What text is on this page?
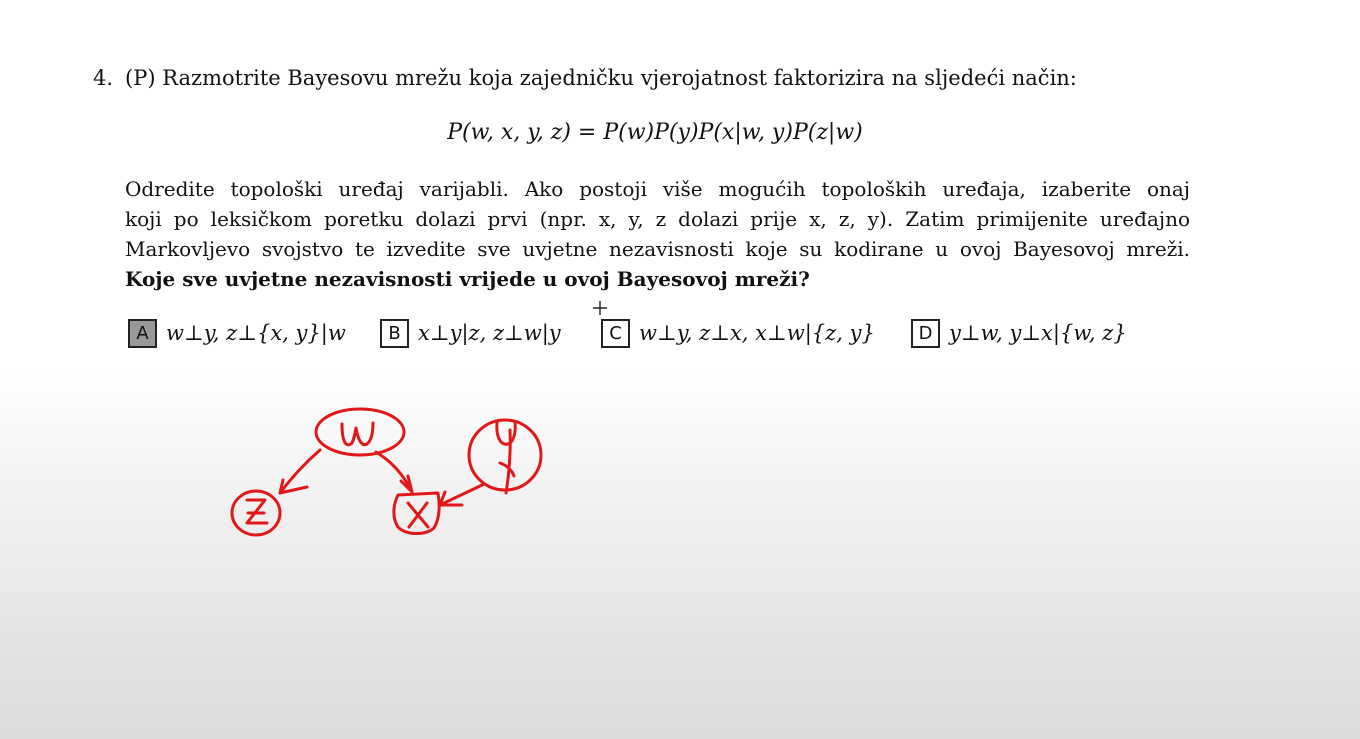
4. (P) Razmotrite Bayesovu mrežu koja zajedničku vjerojatnost faktorizira na sljedeći način:
P(w, x, y, z) = P(w)P(y)P(x|w, y)P(z|w)
Odredite topološki uređaj varijabli. Ako postoji više mogućih topoloških uređaja, izaberite onaj
koji po leksičkom poretku dolazi prvi (npr. x, y, z dolazi prije x, z, y). Zatim primijenite uređajno
Markovljevo svojstvo te izvedite sve uvjetne nezavisnosti koje su kodirane u ovoj Bayesovoj mreži.
Koje sve uvjetne nezavisnosti vrijede u ovoj Bayesovoj mreži?
A w⊥y, z⊥{x, y}|w	B x⊥y|z, z⊥w|y	C w⊥y, z⊥x, x⊥w|{z, y}	D y⊥w, y⊥x|{w, z}
